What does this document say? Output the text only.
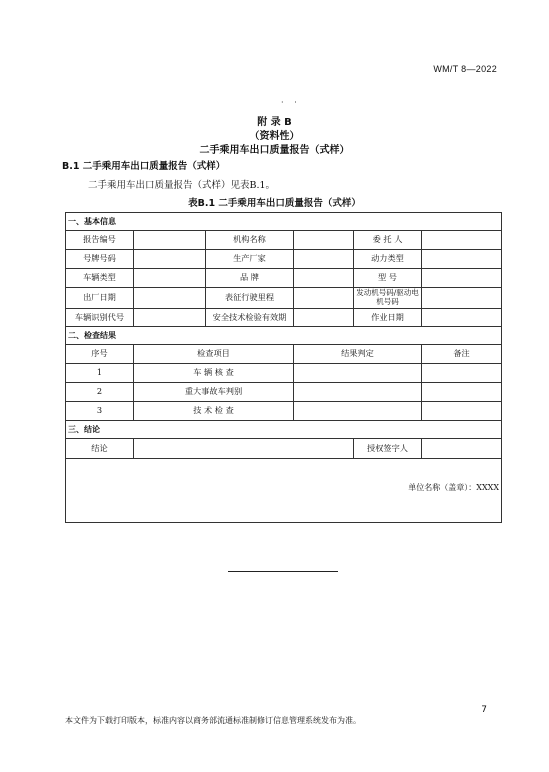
WM/T 8—2022
· ·
附 录 B
（资料性）
二手乘用车出口质量报告（式样）
B.1 二手乘用车出口质量报告（式样）
二手乘用车出口质量报告（式样）见表B.1。
表B.1 二手乘用车出口质量报告（式样）
一、基本信息					
报告编号		机构名称		委 托 人	
号牌号码		生产厂家		动力类型	
车辆类型		品 牌		型 号	
出厂日期		表征行驶里程		发动机号码/驱动电机号码	
车辆识别代号		安全技术检验有效期		作业日期	
二、检查结果					
序号	检查项目		结果判定		备注
1	车 辆 核 查				
2	重大事故车判别				
3	技 术 检 查				
三、结论					
结论				授权签字人	

单位名称（盖章）：XXXX					
7
本文件为下载打印版本，标准内容以商务部流通标准制修订信息管理系统发布为准。
